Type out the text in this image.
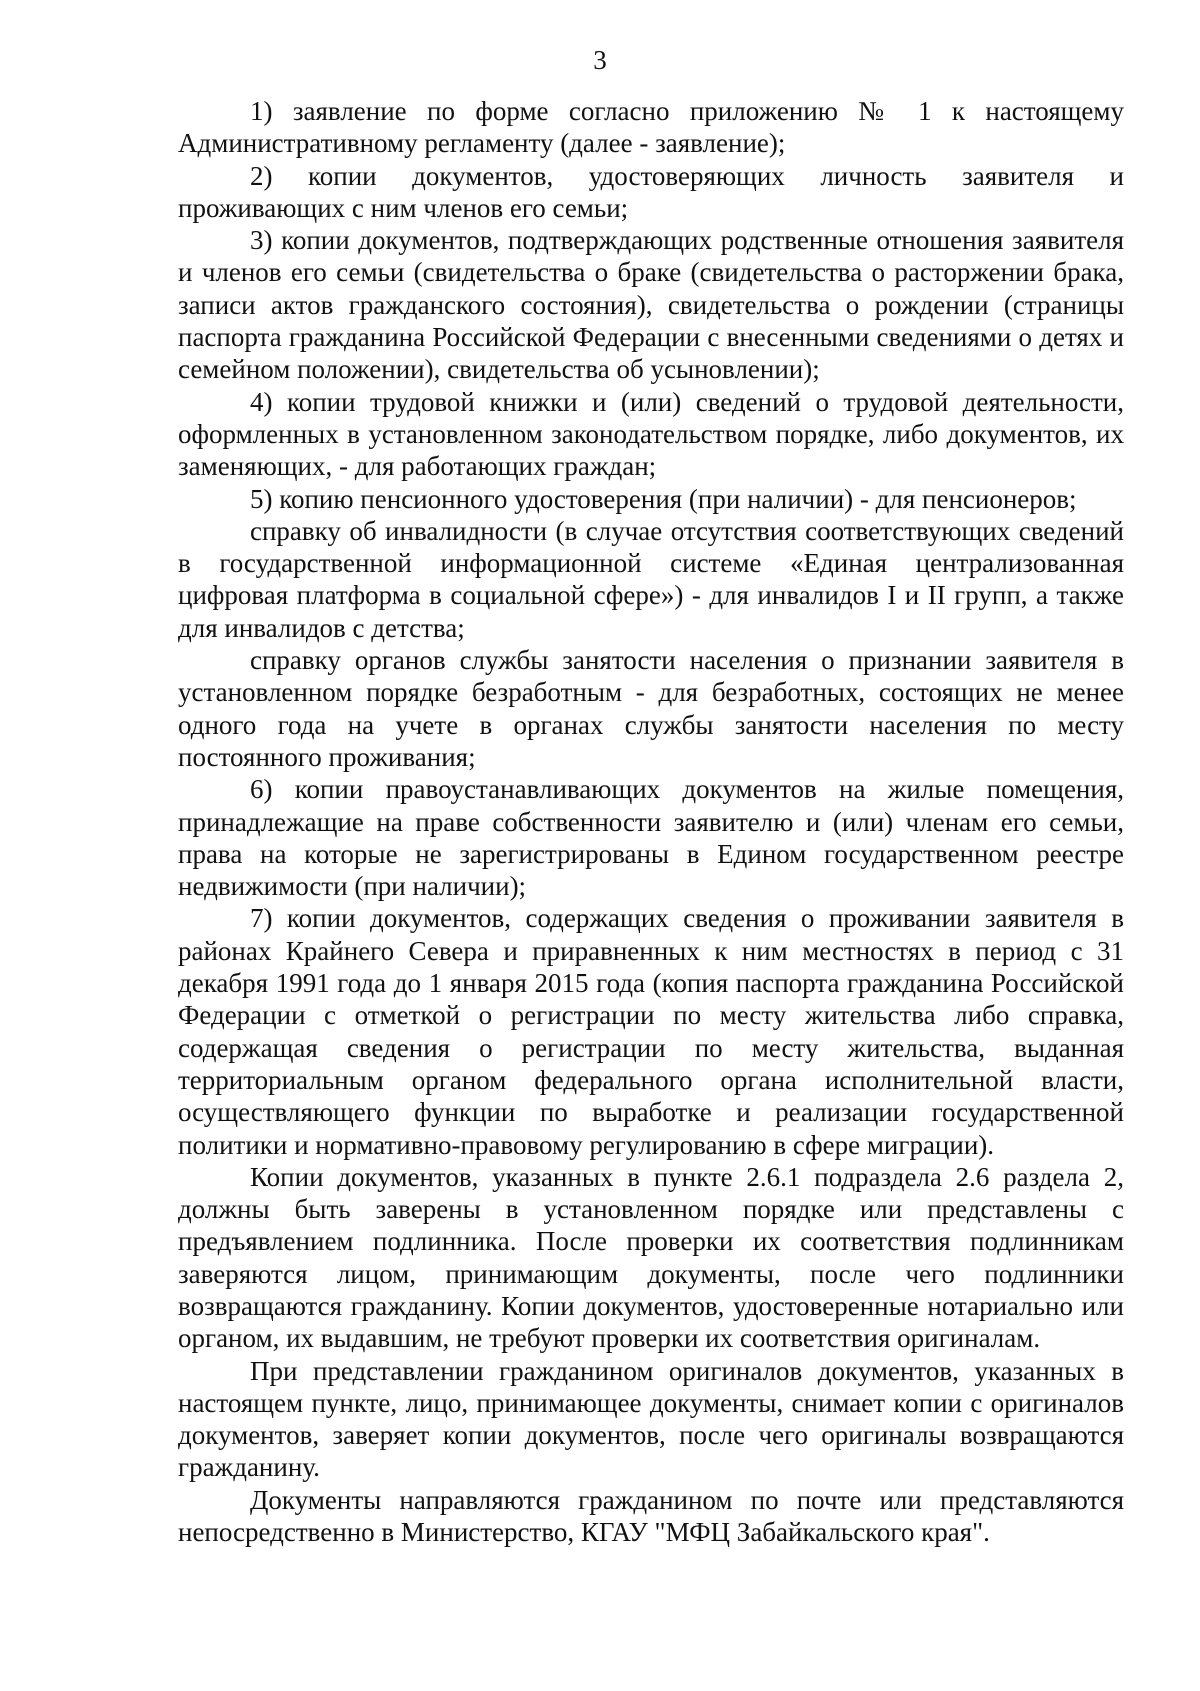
3

1) заявление по форме согласно приложению № 1 к настоящему Административному регламенту (далее - заявление);

2) копии документов, удостоверяющих личность заявителя и проживающих с ним членов его семьи;

3) копии документов, подтверждающих родственные отношения заявителя и членов его семьи (свидетельства о браке (свидетельства о расторжении брака, записи актов гражданского состояния), свидетельства о рождении (страницы паспорта гражданина Российской Федерации с внесенными сведениями о детях и семейном положении), свидетельства об усыновлении);

4) копии трудовой книжки и (или) сведений о трудовой деятельности, оформленных в установленном законодательством порядке, либо документов, их заменяющих, - для работающих граждан;

5) копию пенсионного удостоверения (при наличии) - для пенсионеров;

справку об инвалидности (в случае отсутствия соответствующих сведений в государственной информационной системе «Единая централизованная цифровая платформа в социальной сфере») - для инвалидов I и II групп, а также для инвалидов с детства;

справку органов службы занятости населения о признании заявителя в установленном порядке безработным - для безработных, состоящих не менее одного года на учете в органах службы занятости населения по месту постоянного проживания;

6) копии правоустанавливающих документов на жилые помещения, принадлежащие на праве собственности заявителю и (или) членам его семьи, права на которые не зарегистрированы в Едином государственном реестре недвижимости (при наличии);

7) копии документов, содержащих сведения о проживании заявителя в районах Крайнего Севера и приравненных к ним местностях в период с 31 декабря 1991 года до 1 января 2015 года (копия паспорта гражданина Российской Федерации с отметкой о регистрации по месту жительства либо справка, содержащая сведения о регистрации по месту жительства, выданная территориальным органом федерального органа исполнительной власти, осуществляющего функции по выработке и реализации государственной политики и нормативно-правовому регулированию в сфере миграции).

Копии документов, указанных в пункте 2.6.1 подраздела 2.6 раздела 2, должны быть заверены в установленном порядке или представлены с предъявлением подлинника. После проверки их соответствия подлинникам заверяются лицом, принимающим документы, после чего подлинники возвращаются гражданину. Копии документов, удостоверенные нотариально или органом, их выдавшим, не требуют проверки их соответствия оригиналам.

При представлении гражданином оригиналов документов, указанных в настоящем пункте, лицо, принимающее документы, снимает копии с оригиналов документов, заверяет копии документов, после чего оригиналы возвращаются гражданину.

Документы направляются гражданином по почте или представляются непосредственно в Министерство, КГАУ "МФЦ Забайкальского края".
